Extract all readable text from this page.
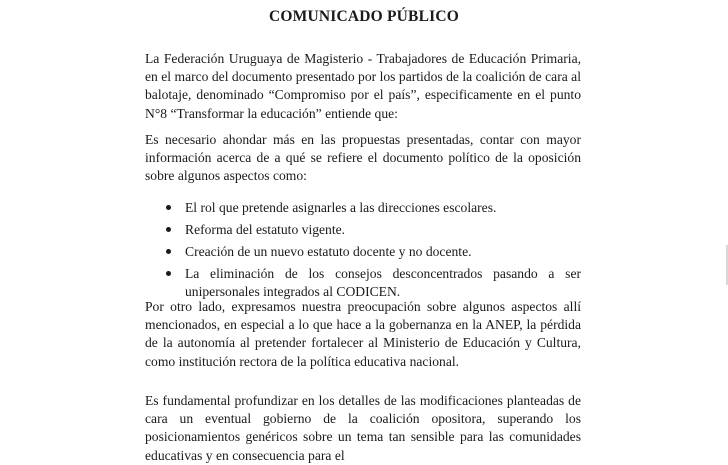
COMUNICADO PÚBLICO

La Federación Uruguaya de Magisterio - Trabajadores de Educación Primaria, en el marco del documento presentado por los partidos de la coalición de cara al balotaje, denominado “Compromiso por el país”, especificamente en el punto N°8 “Transformar la educación” entiende que:

Es necesario ahondar más en las propuestas presentadas, contar con mayor información acerca de a qué se refiere el documento político de la oposición sobre algunos aspectos como:

El rol que pretende asignarles a las direcciones escolares.
Reforma del estatuto vigente.
Creación de un nuevo estatuto docente y no docente.
La eliminación de los consejos desconcentrados pasando a ser unipersonales integrados al CODICEN.

Por otro lado, expresamos nuestra preocupación sobre algunos aspectos allí mencionados, en especial a lo que hace a la gobernanza en la ANEP, la pérdida de la autonomía al pretender fortalecer al Ministerio de Educación y Cultura, como institución rectora de la política educativa nacional.

Es fundamental profundizar en los detalles de las modificaciones planteadas de cara un eventual gobierno de la coalición opositora, superando los posicionamientos genéricos sobre un tema tan sensible para las comunidades educativas y en consecuencia para el
